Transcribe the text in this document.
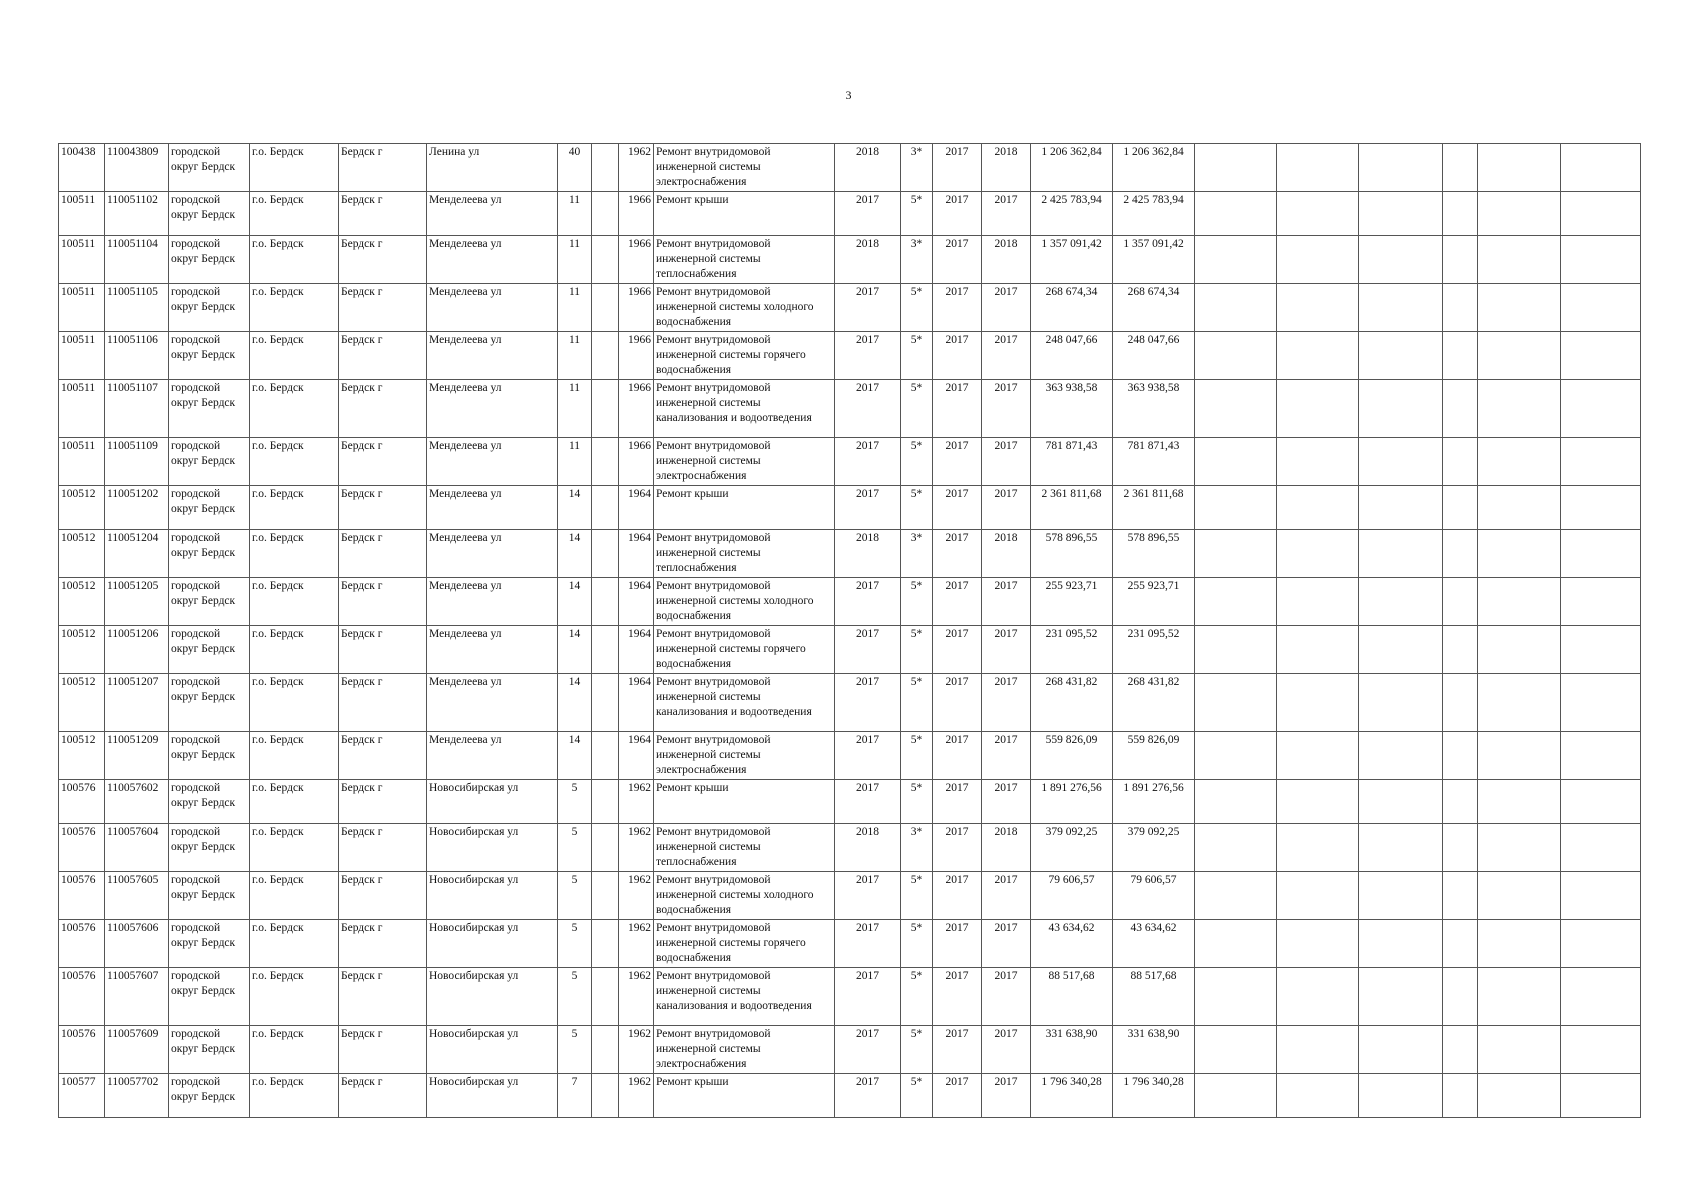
3
100438	110043809	городской округ Бердск	г.о. Бердск	Бердск г	Ленина ул	40		1962	Ремонт внутридомовой инженерной системы электроснабжения	2018	3*	2017	2018	1 206 362,84	1 206 362,84						
100511	110051102	городской округ Бердск	г.о. Бердск	Бердск г	Менделеева ул	11		1966	Ремонт крыши	2017	5*	2017	2017	2 425 783,94	2 425 783,94						
100511	110051104	городской округ Бердск	г.о. Бердск	Бердск г	Менделеева ул	11		1966	Ремонт внутридомовой инженерной системы теплоснабжения	2018	3*	2017	2018	1 357 091,42	1 357 091,42						
100511	110051105	городской округ Бердск	г.о. Бердск	Бердск г	Менделеева ул	11		1966	Ремонт внутридомовой инженерной системы холодного водоснабжения	2017	5*	2017	2017	268 674,34	268 674,34						
100511	110051106	городской округ Бердск	г.о. Бердск	Бердск г	Менделеева ул	11		1966	Ремонт внутридомовой инженерной системы горячего водоснабжения	2017	5*	2017	2017	248 047,66	248 047,66						
100511	110051107	городской округ Бердск	г.о. Бердск	Бердск г	Менделеева ул	11		1966	Ремонт внутридомовой инженерной системы канализования и водоотведения	2017	5*	2017	2017	363 938,58	363 938,58						
100511	110051109	городской округ Бердск	г.о. Бердск	Бердск г	Менделеева ул	11		1966	Ремонт внутридомовой инженерной системы электроснабжения	2017	5*	2017	2017	781 871,43	781 871,43						
100512	110051202	городской округ Бердск	г.о. Бердск	Бердск г	Менделеева ул	14		1964	Ремонт крыши	2017	5*	2017	2017	2 361 811,68	2 361 811,68						
100512	110051204	городской округ Бердск	г.о. Бердск	Бердск г	Менделеева ул	14		1964	Ремонт внутридомовой инженерной системы теплоснабжения	2018	3*	2017	2018	578 896,55	578 896,55						
100512	110051205	городской округ Бердск	г.о. Бердск	Бердск г	Менделеева ул	14		1964	Ремонт внутридомовой инженерной системы холодного водоснабжения	2017	5*	2017	2017	255 923,71	255 923,71						
100512	110051206	городской округ Бердск	г.о. Бердск	Бердск г	Менделеева ул	14		1964	Ремонт внутридомовой инженерной системы горячего водоснабжения	2017	5*	2017	2017	231 095,52	231 095,52						
100512	110051207	городской округ Бердск	г.о. Бердск	Бердск г	Менделеева ул	14		1964	Ремонт внутридомовой инженерной системы канализования и водоотведения	2017	5*	2017	2017	268 431,82	268 431,82						
100512	110051209	городской округ Бердск	г.о. Бердск	Бердск г	Менделеева ул	14		1964	Ремонт внутридомовой инженерной системы электроснабжения	2017	5*	2017	2017	559 826,09	559 826,09						
100576	110057602	городской округ Бердск	г.о. Бердск	Бердск г	Новосибирская ул	5		1962	Ремонт крыши	2017	5*	2017	2017	1 891 276,56	1 891 276,56						
100576	110057604	городской округ Бердск	г.о. Бердск	Бердск г	Новосибирская ул	5		1962	Ремонт внутридомовой инженерной системы теплоснабжения	2018	3*	2017	2018	379 092,25	379 092,25						
100576	110057605	городской округ Бердск	г.о. Бердск	Бердск г	Новосибирская ул	5		1962	Ремонт внутридомовой инженерной системы холодного водоснабжения	2017	5*	2017	2017	79 606,57	79 606,57						
100576	110057606	городской округ Бердск	г.о. Бердск	Бердск г	Новосибирская ул	5		1962	Ремонт внутридомовой инженерной системы горячего водоснабжения	2017	5*	2017	2017	43 634,62	43 634,62						
100576	110057607	городской округ Бердск	г.о. Бердск	Бердск г	Новосибирская ул	5		1962	Ремонт внутридомовой инженерной системы канализования и водоотведения	2017	5*	2017	2017	88 517,68	88 517,68						
100576	110057609	городской округ Бердск	г.о. Бердск	Бердск г	Новосибирская ул	5		1962	Ремонт внутридомовой инженерной системы электроснабжения	2017	5*	2017	2017	331 638,90	331 638,90						
100577	110057702	городской округ Бердск	г.о. Бердск	Бердск г	Новосибирская ул	7		1962	Ремонт крыши	2017	5*	2017	2017	1 796 340,28	1 796 340,28						
